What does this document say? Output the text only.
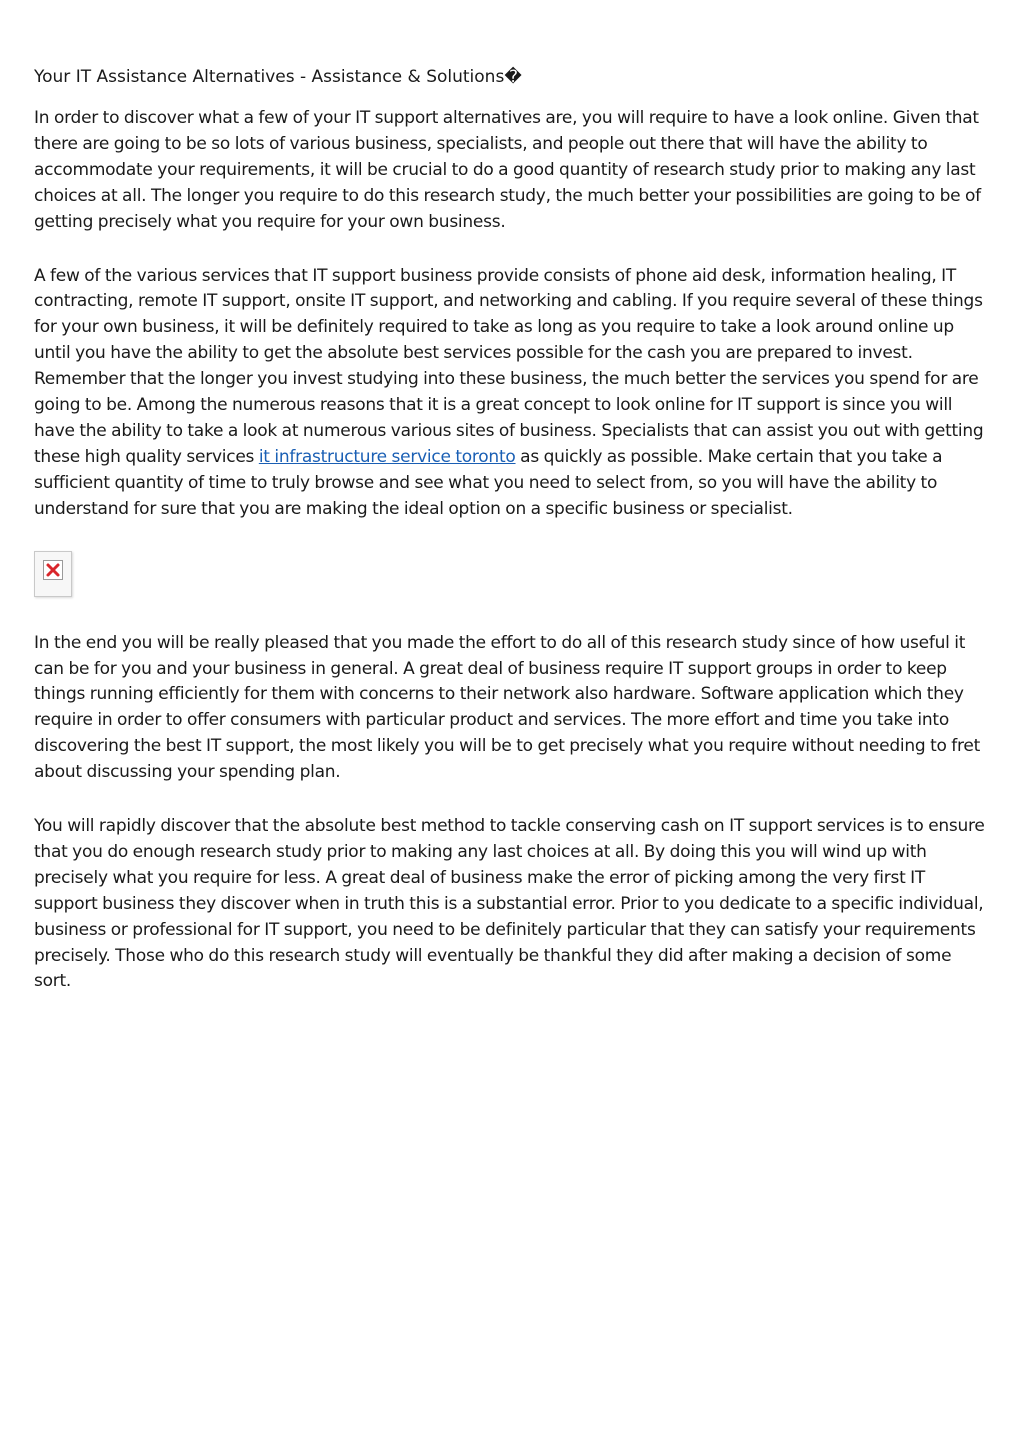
Your IT Assistance Alternatives - Assistance & Solutions�

In order to discover what a few of your IT support alternatives are, you will require to have a look online. Given that there are going to be so lots of various business, specialists, and people out there that will have the ability to accommodate your requirements, it will be crucial to do a good quantity of research study prior to making any last choices at all. The longer you require to do this research study, the much better your possibilities are going to be of getting precisely what you require for your own business.

A few of the various services that IT support business provide consists of phone aid desk, information healing, IT contracting, remote IT support, onsite IT support, and networking and cabling. If you require several of these things for your own business, it will be definitely required to take as long as you require to take a look around online up until you have the ability to get the absolute best services possible for the cash you are prepared to invest. Remember that the longer you invest studying into these business, the much better the services you spend for are going to be. Among the numerous reasons that it is a great concept to look online for IT support is since you will have the ability to take a look at numerous various sites of business. Specialists that can assist you out with getting these high quality services it infrastructure service toronto as quickly as possible. Make certain that you take a sufficient quantity of time to truly browse and see what you need to select from, so you will have the ability to understand for sure that you are making the ideal option on a specific business or specialist.

In the end you will be really pleased that you made the effort to do all of this research study since of how useful it can be for you and your business in general. A great deal of business require IT support groups in order to keep things running efficiently for them with concerns to their network also hardware. Software application which they require in order to offer consumers with particular product and services. The more effort and time you take into discovering the best IT support, the most likely you will be to get precisely what you require without needing to fret about discussing your spending plan.

You will rapidly discover that the absolute best method to tackle conserving cash on IT support services is to ensure that you do enough research study prior to making any last choices at all. By doing this you will wind up with precisely what you require for less. A great deal of business make the error of picking among the very first IT support business they discover when in truth this is a substantial error. Prior to you dedicate to a specific individual, business or professional for IT support, you need to be definitely particular that they can satisfy your requirements precisely. Those who do this research study will eventually be thankful they did after making a decision of some sort.
